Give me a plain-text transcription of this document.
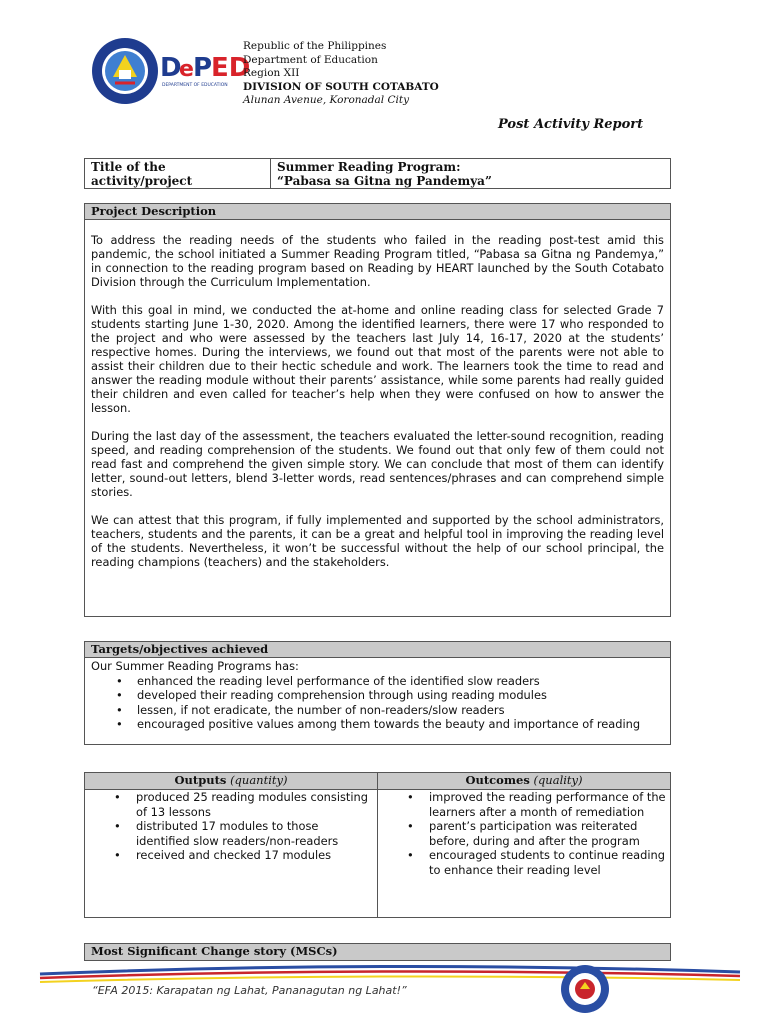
D
e P
ED
DEPARTMENT OF EDUCATION
Republic of the Philippines
Department of Education
Region XII
DIVISION OF SOUTH COTABATO
Alunan Avenue, Koronadal City
Post Activity Report
Title of the
activity/project
Summer Reading Program:
“Pabasa sa Gitna ng Pandemya”
Project Description

To address the reading needs of the students who failed in the reading post-test amid this pandemic, the school initiated a Summer Reading Program titled, “Pabasa sa Gitna ng Pandemya,” in connection to the reading program based on Reading by HEART launched by the South Cotabato Division through the Curriculum Implementation.

With this goal in mind, we conducted the at-home and online reading class for selected Grade 7 students starting June 1-30, 2020. Among the identified learners, there were 17 who responded to the project and who were assessed by the teachers last July 14, 16-17, 2020 at the students’ respective homes. During the interviews, we found out that most of the parents were not able to assist their children due to their hectic schedule and work. The learners took the time to read and answer the reading module without their parents’ assistance, while some parents had really guided their children and even called for teacher’s help when they were confused on how to answer the lesson.

During the last day of the assessment, the teachers evaluated the letter-sound recognition, reading speed, and reading comprehension of the students. We found out that only few of them could not read fast and comprehend the given simple story. We can conclude that most of them can identify letter, sound-out letters, blend 3-letter words, read sentences/phrases and can comprehend simple stories.

We can attest that this program, if fully implemented and supported by the school administrators, teachers, students and the parents, it can be a great and helpful tool in improving the reading level of the students. Nevertheless, it won’t be successful without the help of our school principal, the reading champions (teachers) and the stakeholders.

Targets/objectives achieved
Our Summer Reading Programs has:
• enhanced the reading level performance of the identified slow readers
• developed their reading comprehension through using reading modules
• lessen, if not eradicate, the number of non-readers/slow readers
• encouraged positive values among them towards the beauty and importance of reading
Outputs (quantity)
• produced 25 reading modules consisting of 13 lessons
• distributed 17 modules to those identified slow readers/non-readers
• received and checked 17 modules
Outcomes (quality)
• improved the reading performance of the learners after a month of remediation
• parent’s participation was reiterated before, during and after the program
• encouraged students to continue reading to enhance their reading level
Most Significant Change story (MSCs)
“EFA 2015: Karapatan ng Lahat, Pananagutan ng Lahat!”
